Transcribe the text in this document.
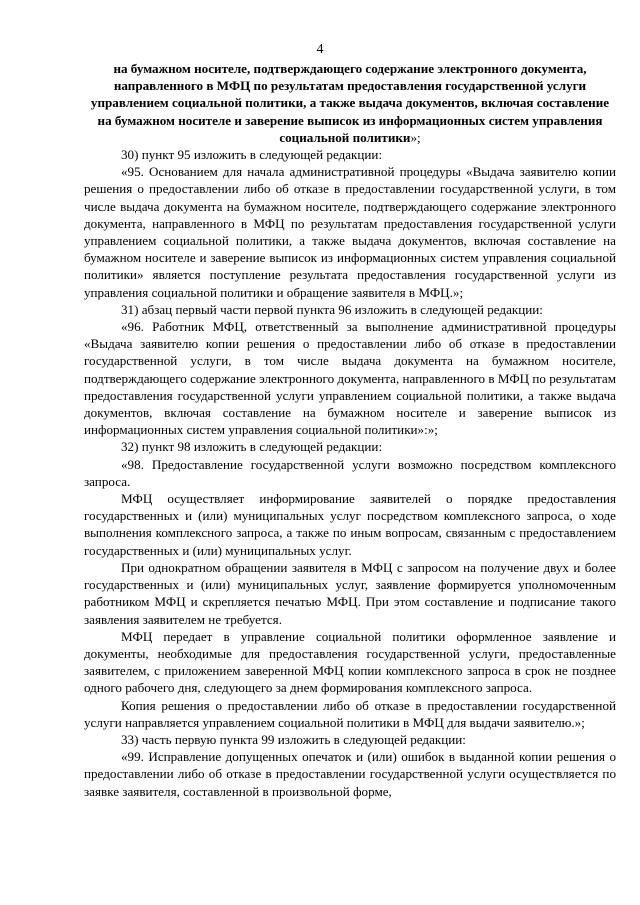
4
на бумажном носителе, подтверждающего содержание электронного документа, направленного в МФЦ по результатам предоставления государственной услуги управлением социальной политики, а также выдача документов, включая составление на бумажном носителе и заверение выписок из информационных систем управления социальной политики»;

30) пункт 95 изложить в следующей редакции:

«95. Основанием для начала административной процедуры «Выдача заявителю копии решения о предоставлении либо об отказе в предоставлении государственной услуги, в том числе выдача документа на бумажном носителе, подтверждающего содержание электронного документа, направленного в МФЦ по результатам предоставления государственной услуги управлением социальной политики, а также выдача документов, включая составление на бумажном носителе и заверение выписок из информационных систем управления социальной политики» является поступление результата предоставления государственной услуги из управления социальной политики и обращение заявителя в МФЦ.»;

31) абзац первый части первой пункта 96 изложить в следующей редакции:

«96. Работник МФЦ, ответственный за выполнение административной процедуры «Выдача заявителю копии решения о предоставлении либо об отказе в предоставлении государственной услуги, в том числе выдача документа на бумажном носителе, подтверждающего содержание электронного документа, направленного в МФЦ по результатам предоставления государственной услуги управлением социальной политики, а также выдача документов, включая составление на бумажном носителе и заверение выписок из информационных систем управления социальной политики»:»;

32) пункт 98 изложить в следующей редакции:

«98. Предоставление государственной услуги возможно посредством комплексного запроса.

МФЦ осуществляет информирование заявителей о порядке предоставления государственных и (или) муниципальных услуг посредством комплексного запроса, о ходе выполнения комплексного запроса, а также по иным вопросам, связанным с предоставлением государственных и (или) муниципальных услуг.

При однократном обращении заявителя в МФЦ с запросом на получение двух и более государственных и (или) муниципальных услуг, заявление формируется уполномоченным работником МФЦ и скрепляется печатью МФЦ. При этом составление и подписание такого заявления заявителем не требуется.

МФЦ передает в управление социальной политики оформленное заявление и документы, необходимые для предоставления государственной услуги, предоставленные заявителем, с приложением заверенной МФЦ копии комплексного запроса в срок не позднее одного рабочего дня, следующего за днем формирования комплексного запроса.

Копия решения о предоставлении либо об отказе в предоставлении государственной услуги направляется управлением социальной политики в МФЦ для выдачи заявителю.»;

33) часть первую пункта 99 изложить в следующей редакции:

«99. Исправление допущенных опечаток и (или) ошибок в выданной копии решения о предоставлении либо об отказе в предоставлении государственной услуги осуществляется по заявке заявителя, составленной в произвольной форме,
